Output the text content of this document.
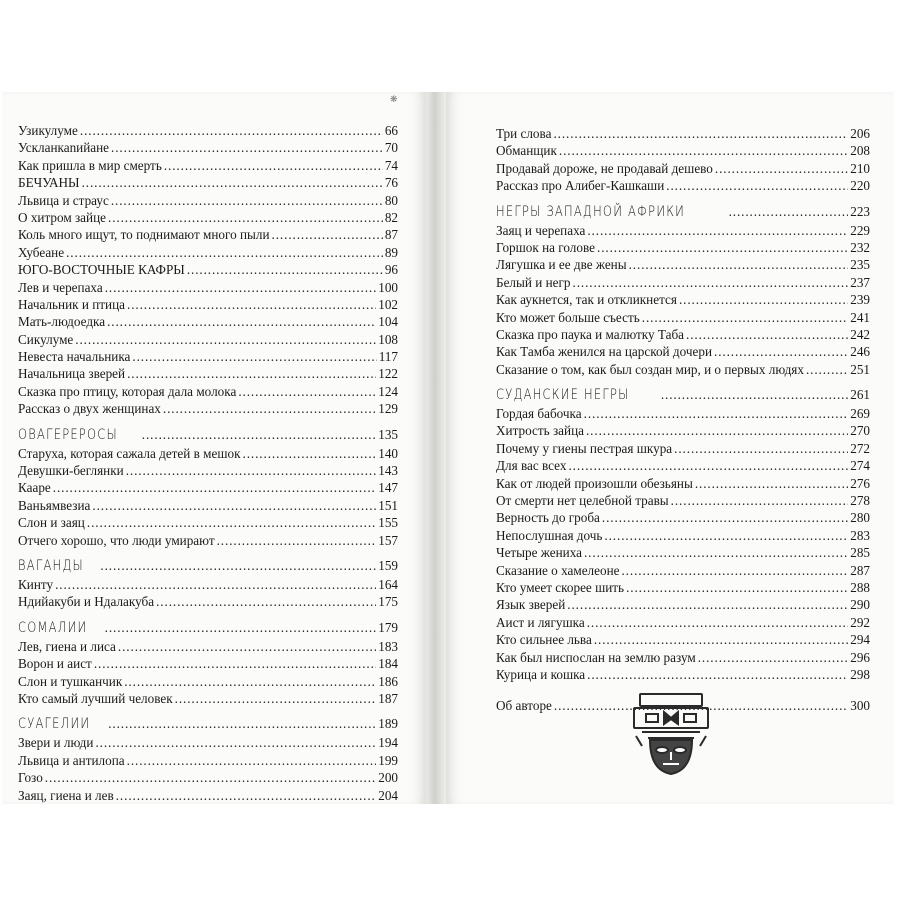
❋
Узикулуме . . .	66
Ускланкаnийане . . .	70
Как пришла в мир смерть . . .	74
БЕЧУАНЫ . . .	76
Львица и страус . . .	80
О хитром зайце . . .	82
Коль много ищут, то поднимают много пыли . . .	87
Хубеане . . .	89
ЮГО-ВОСТОЧНЫЕ КАФРЫ . . .	96
Лев и черепаха . . .	100
Начальник и птица . . .	102
Мать-людоедка . . .	104
Сикулуме . . .	108
Невеста начальника . . .	117
Начальница зверей . . .	122
Сказка про птицу, которая дала молока . . .	124
Рассказ о двух женщинах . . .	129
ОВАГЕРЕРОСЫ . . .	135
Старуха, которая сажала детей в мешок . . .	140
Девушки-беглянки . . .	143
Кааре . . .	147
Ваньямвезиа . . .	151
Слон и заяц . . .	155
Отчего хорошо, что люди умирают . . .	157
ВАГАНДЫ . . .	159
Кинту . . .	164
Ндийакуби и Ндалакуба . . .	175
СОМАЛИИ . . .	179
Лев, гиена и лиса . . .	183
Ворон и аист . . .	184
Слон и тушканчик . . .	186
Кто самый лучший человек . . .	187
СУАГЕЛИИ . . .	189
Звери и люди . . .	194
Львица и антилопа . . .	199
Гозо . . .	200
Заяц, гиена и лев . . .	204
Три слова . . .	206
Обманщик . . .	208
Продавай дороже, не продавай дешево . . .	210
Рассказ про Алибег-Кашкаши . . .	220
НЕГРЫ ЗАПАДНОЙ АФРИКИ . . .	223
Заяц и черепаха . . .	229
Горшок на голове . . .	232
Лягушка и ее две жены . . .	235
Белый и негр . . .	237
Как аукнется, так и откликнется . . .	239
Кто может больше съесть . . .	241
Сказка про паука и малютку Таба . . .	242
Как Тамба женился на царской дочери . . .	246
Сказание о том, как был создан мир, и о первых людях . . .	251
СУДАНСКИЕ НЕГРЫ . . .	261
Гордая бабочка . . .	269
Хитрость зайца . . .	270
Почему у гиены пестрая шкура . . .	272
Для вас всех . . .	274
Как от людей произошли обезьяны . . .	276
От смерти нет целебной травы . . .	278
Верность до гроба . . .	280
Непослушная дочь . . .	283
Четыре жениха . . .	285
Сказание о хамелеоне . . .	287
Кто умеет скорее шить . . .	288
Язык зверей . . .	290
Аист и лягушка . . .	292
Кто сильнее льва . . .	294
Как был ниспослан на землю разум . . .	296
Курица и кошка . . .	298
Об авторе . . .	300
